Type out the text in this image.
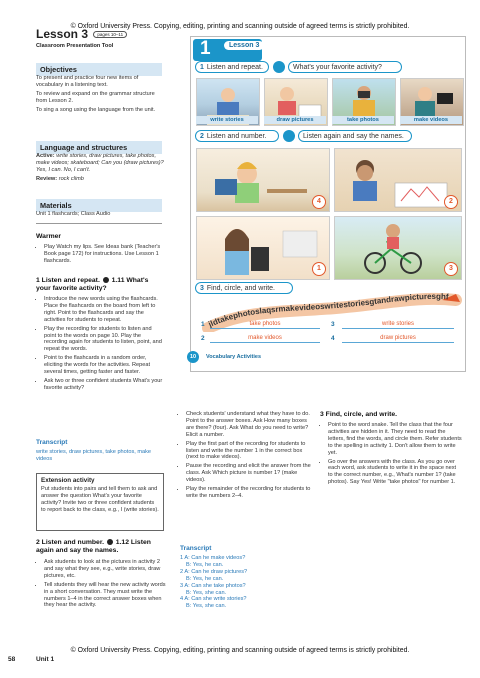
© Oxford University Press. Copying, editing, printing and scanning outside of agreed terms is strictly prohibited.
© Oxford University Press. Copying, editing, printing and scanning outside of agreed terms is strictly prohibited.
Lesson 3 pages 10–11
Classroom Presentation Tool
Objectives

To present and practice four new items of vocabulary in a listening text.

To review and expand on the grammar structure from Lesson 2.

To sing a song using the language from the unit.

Language and structures

Active: write stories, draw pictures, take photos, make videos; skateboard; Can you (draw pictures)? Yes, I can. No, I can't.

Review: rock climb

Materials
Unit 1 flashcards; Class Audio
Warmer
• Play Watch my lips. See Ideas bank (Teacher's Book page 172) for instructions. Use Lesson 1 flashcards.
1 Listen and repeat. 1.11 What's your favorite activity?
• Introduce the new words using the flashcards. Place the flashcards on the board from left to right. Point to the flashcards and say the activities for students to repeat.
• Play the recording for students to listen and point to the words on page 10. Play the recording again for students to listen, point, and repeat the words.
• Point to the flashcards in a random order, eliciting the words for the activities. Repeat several times, getting faster and faster.
• Ask two or three confident students What's your favorite activity?
Transcript
write stories, draw pictures, take photos, make videos
Extension activity
Put students into pairs and tell them to ask and answer the question What's your favorite activity? Invite two or three confident students to report back to the class, e.g., I (write stories).
2 Listen and number. 1.12 Listen again and say the names.
• Ask students to look at the pictures in activity 2 and say what they see, e.g., write stories, draw pictures, etc.
• Tell students they will hear the new activity words in a short conversation. They must write the numbers 1–4 in the correct answer boxes when they hear the activity.
• Check students' understand what they have to do. Point to the answer boxes. Ask How many boxes are there? (four). Ask What do you need to write? Elicit a number.
• Play the first part of the recording for students to listen and write the number 1 in the correct box (next to make videos).
• Pause the recording and elicit the answer from the class. Ask Which picture is number 1? (make videos).
• Play the remainder of the recording for students to write the numbers 2–4.
Transcript
1 A: Can he make videos?
B: Yes, he can.
2 A: Can he draw pictures?
B: Yes, he can.
3 A: Can she take photos?
B: Yes, she can.
4 A: Can she write stories?
B: Yes, she can.
3 Find, circle, and write.
• Point to the word snake. Tell the class that the four activities are hidden in it. They need to read the letters, find the words, and circle them. Refer students to the spelling in activity 1. Don't allow them to write yet.
• Go over the answers with the class. As you go over each word, ask students to write it in the space next to the correct number, e.g., What's number 1? (take photos). Say Yes! Write "take photos" for number 1.
1	Lesson 3
1 Listen and repeat.	What's your favorite activity?
write stories	draw pictures	take photos	make videos
2 Listen and number.	Listen again and say the names.
4	2
1	3
3 Find, circle, and write.
jldtakephotoslaqsrmakevideoswritestoriesgtandrawpicturesghf
1	take photos
2	make videos
3	write stories
4	draw pictures
10	Vocabulary Activities
58	Unit 1
